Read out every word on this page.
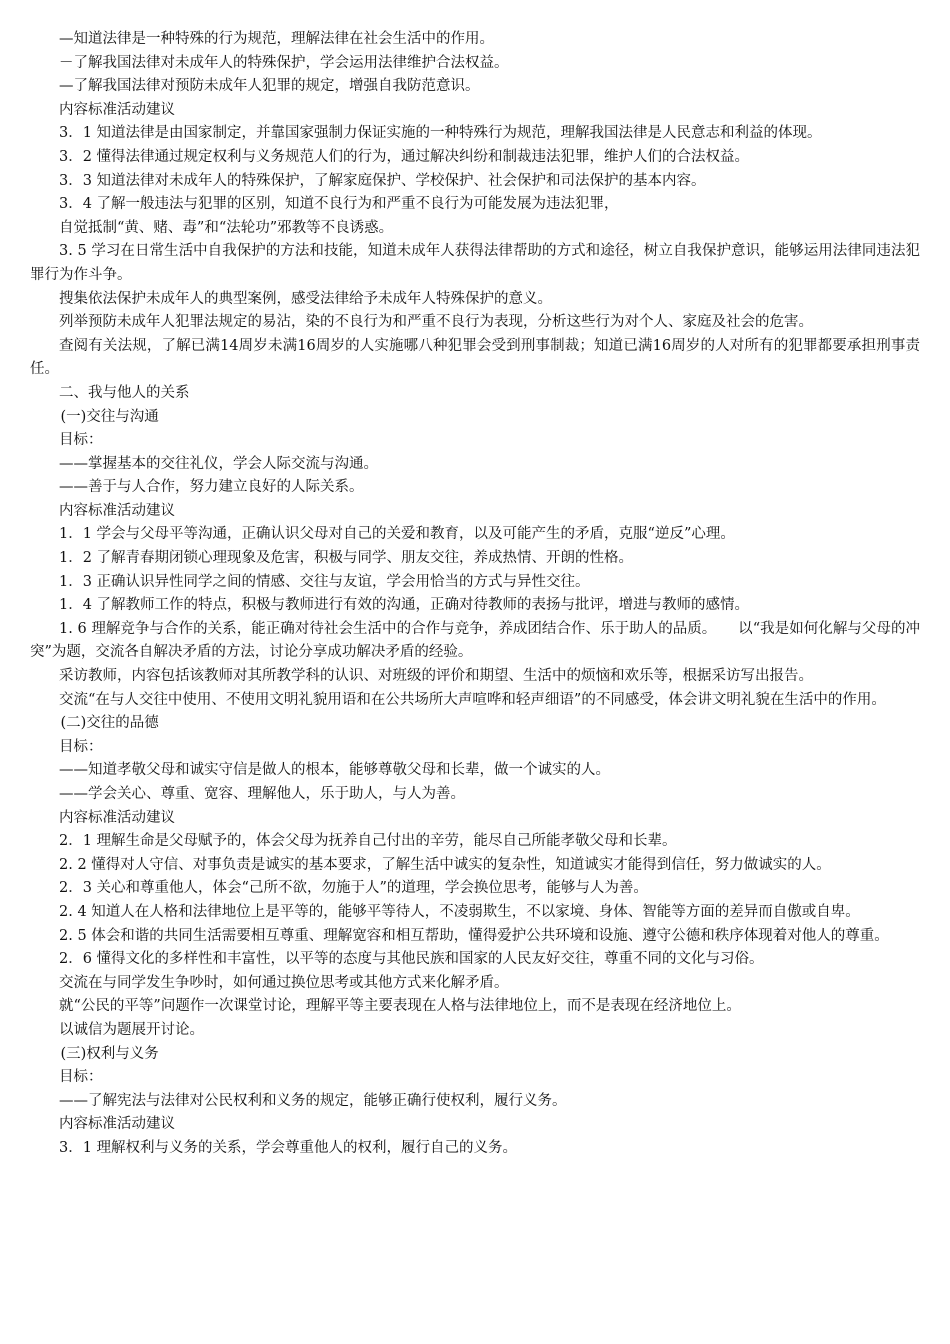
—知道法律是一种特殊的行为规范，理解法律在社会生活中的作用。

－了解我国法律对未成年人的特殊保护，学会运用法律维护合法权益。

—了解我国法律对预防未成年人犯罪的规定，增强自我防范意识。

内容标准活动建议

3．1 知道法律是由国家制定，并靠国家强制力保证实施的一种特殊行为规范，理解我国法律是人民意志和利益的体现。

3．2 懂得法律通过规定权利与义务规范人们的行为，通过解决纠纷和制裁违法犯罪，维护人们的合法权益。

3．3 知道法律对未成年人的特殊保护，了解家庭保护、学校保护、社会保护和司法保护的基本内容。

3．4 了解一般违法与犯罪的区别，知道不良行为和严重不良行为可能发展为违法犯罪，

自觉抵制“黄、赌、毒”和“法轮功”邪教等不良诱惑。

3. 5 学习在日常生活中自我保护的方法和技能，知道未成年人获得法律帮助的方式和途径，树立自我保护意识，能够运用法律同违法犯罪行为作斗争。

搜集依法保护未成年人的典型案例，感受法律给予未成年人特殊保护的意义。

列举预防未成年人犯罪法规定的易沾，染的不良行为和严重不良行为表现，分析这些行为对个人、家庭及社会的危害。

查阅有关法规，了解已满14周岁未满16周岁的人实施哪八种犯罪会受到刑事制裁；知道已满16周岁的人对所有的犯罪都要承担刑事责任。

二、我与他人的关系

(一)交往与沟通

目标：

——掌握基本的交往礼仪，学会人际交流与沟通。

——善于与人合作，努力建立良好的人际关系。

内容标准活动建议

1．1 学会与父母平等沟通，正确认识父母对自己的关爱和教育，以及可能产生的矛盾，克服“逆反”心理。

1．2 了解青春期闭锁心理现象及危害，积极与同学、朋友交往，养成热情、开朗的性格。

1．3 正确认识异性同学之间的情感、交往与友谊，学会用恰当的方式与异性交往。

1．4 了解教师工作的特点，积极与教师进行有效的沟通，正确对待教师的表扬与批评，增进与教师的感情。

1. 6 理解竞争与合作的关系，能正确对待社会生活中的合作与竞争，养成团结合作、乐于助人的品质。　　以“我是如何化解与父母的冲突”为题，交流各自解决矛盾的方法，讨论分享成功解决矛盾的经验。

采访教师，内容包括该教师对其所教学科的认识、对班级的评价和期望、生活中的烦恼和欢乐等，根据采访写出报告。

交流“在与人交往中使用、不使用文明礼貌用语和在公共场所大声喧哗和轻声细语”的不同感受，体会讲文明礼貌在生活中的作用。

(二)交往的品德

目标：

——知道孝敬父母和诚实守信是做人的根本，能够尊敬父母和长辈，做一个诚实的人。

——学会关心、尊重、宽容、理解他人，乐于助人，与人为善。

内容标准活动建议

2．1 理解生命是父母赋予的，体会父母为抚养自己付出的辛劳，能尽自己所能孝敬父母和长辈。

2. 2 懂得对人守信、对事负责是诚实的基本要求，了解生活中诚实的复杂性，知道诚实才能得到信任，努力做诚实的人。

2．3 关心和尊重他人，体会“己所不欲，勿施于人”的道理，学会换位思考，能够与人为善。

2. 4 知道人在人格和法律地位上是平等的，能够平等待人，不凌弱欺生，不以家境、身体、智能等方面的差异而自傲或自卑。

2. 5 体会和谐的共同生活需要相互尊重、理解宽容和相互帮助，懂得爱护公共环境和设施、遵守公德和秩序体现着对他人的尊重。

2．6 懂得文化的多样性和丰富性，以平等的态度与其他民族和国家的人民友好交往，尊重不同的文化与习俗。

交流在与同学发生争吵时，如何通过换位思考或其他方式来化解矛盾。

就“公民的平等”问题作一次课堂讨论，理解平等主要表现在人格与法律地位上，而不是表现在经济地位上。

以诚信为题展开讨论。

(三)权利与义务

目标：

——了解宪法与法律对公民权利和义务的规定，能够正确行使权利，履行义务。

内容标准活动建议

3．1 理解权利与义务的关系，学会尊重他人的权利，履行自己的义务。
